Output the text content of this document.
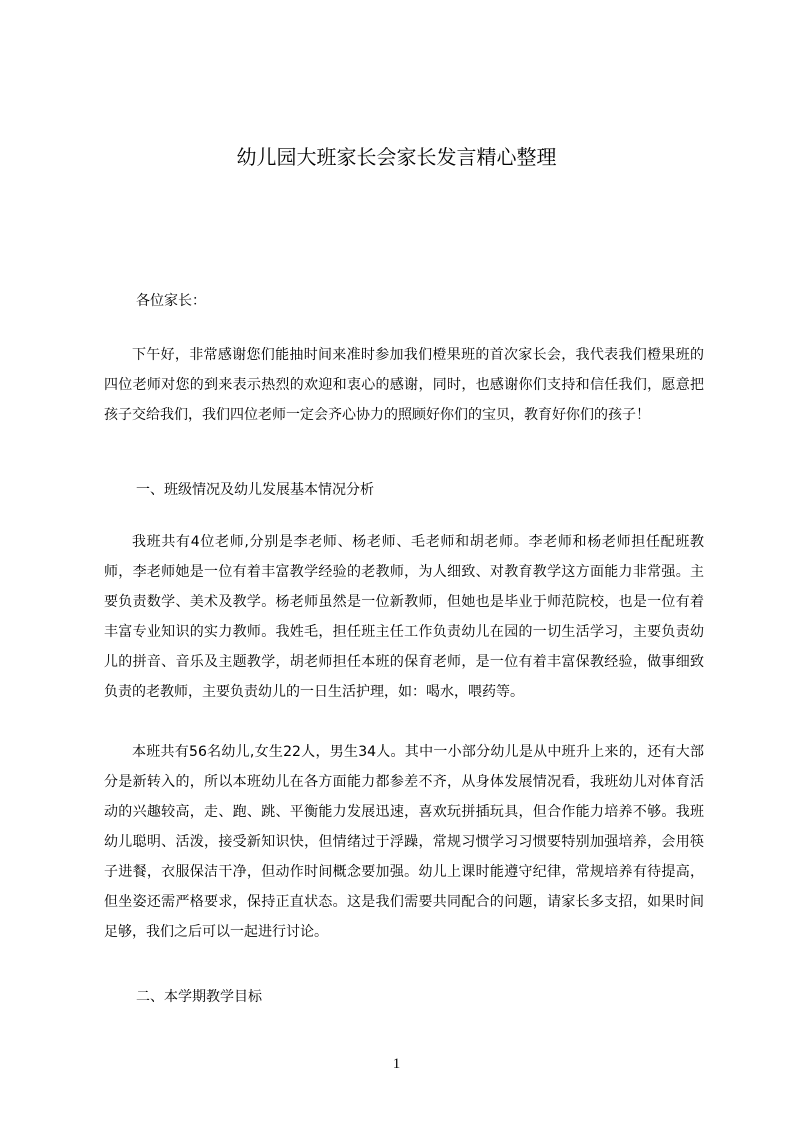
幼儿园大班家长会家长发言精心整理

各位家长：

下午好，非常感谢您们能抽时间来准时参加我们橙果班的首次家长会，我代表我们橙果班的四位老师对您的到来表示热烈的欢迎和衷心的感谢，同时，也感谢你们支持和信任我们，愿意把孩子交给我们，我们四位老师一定会齐心协力的照顾好你们的宝贝，教育好你们的孩子！

一、班级情况及幼儿发展基本情况分析

我班共有4位老师,分别是李老师、杨老师、毛老师和胡老师。李老师和杨老师担任配班教师，李老师她是一位有着丰富教学经验的老教师，为人细致、对教育教学这方面能力非常强。主要负责数学、美术及教学。杨老师虽然是一位新教师，但她也是毕业于师范院校，也是一位有着丰富专业知识的实力教师。我姓毛，担任班主任工作负责幼儿在园的一切生活学习，主要负责幼儿的拼音、音乐及主题教学，胡老师担任本班的保育老师，是一位有着丰富保教经验，做事细致负责的老教师，主要负责幼儿的一日生活护理，如：喝水，喂药等。

本班共有56名幼儿,女生22人，男生34人。其中一小部分幼儿是从中班升上来的，还有大部分是新转入的，所以本班幼儿在各方面能力都参差不齐，从身体发展情况看，我班幼儿对体育活动的兴趣较高，走、跑、跳、平衡能力发展迅速，喜欢玩拼插玩具，但合作能力培养不够。我班幼儿聪明、活泼，接受新知识快，但情绪过于浮躁，常规习惯学习习惯要特别加强培养，会用筷子进餐，衣服保洁干净，但动作时间概念要加强。幼儿上课时能遵守纪律，常规培养有待提高，但坐姿还需严格要求，保持正直状态。这是我们需要共同配合的问题，请家长多支招，如果时间足够，我们之后可以一起进行讨论。

二、本学期教学目标
1
